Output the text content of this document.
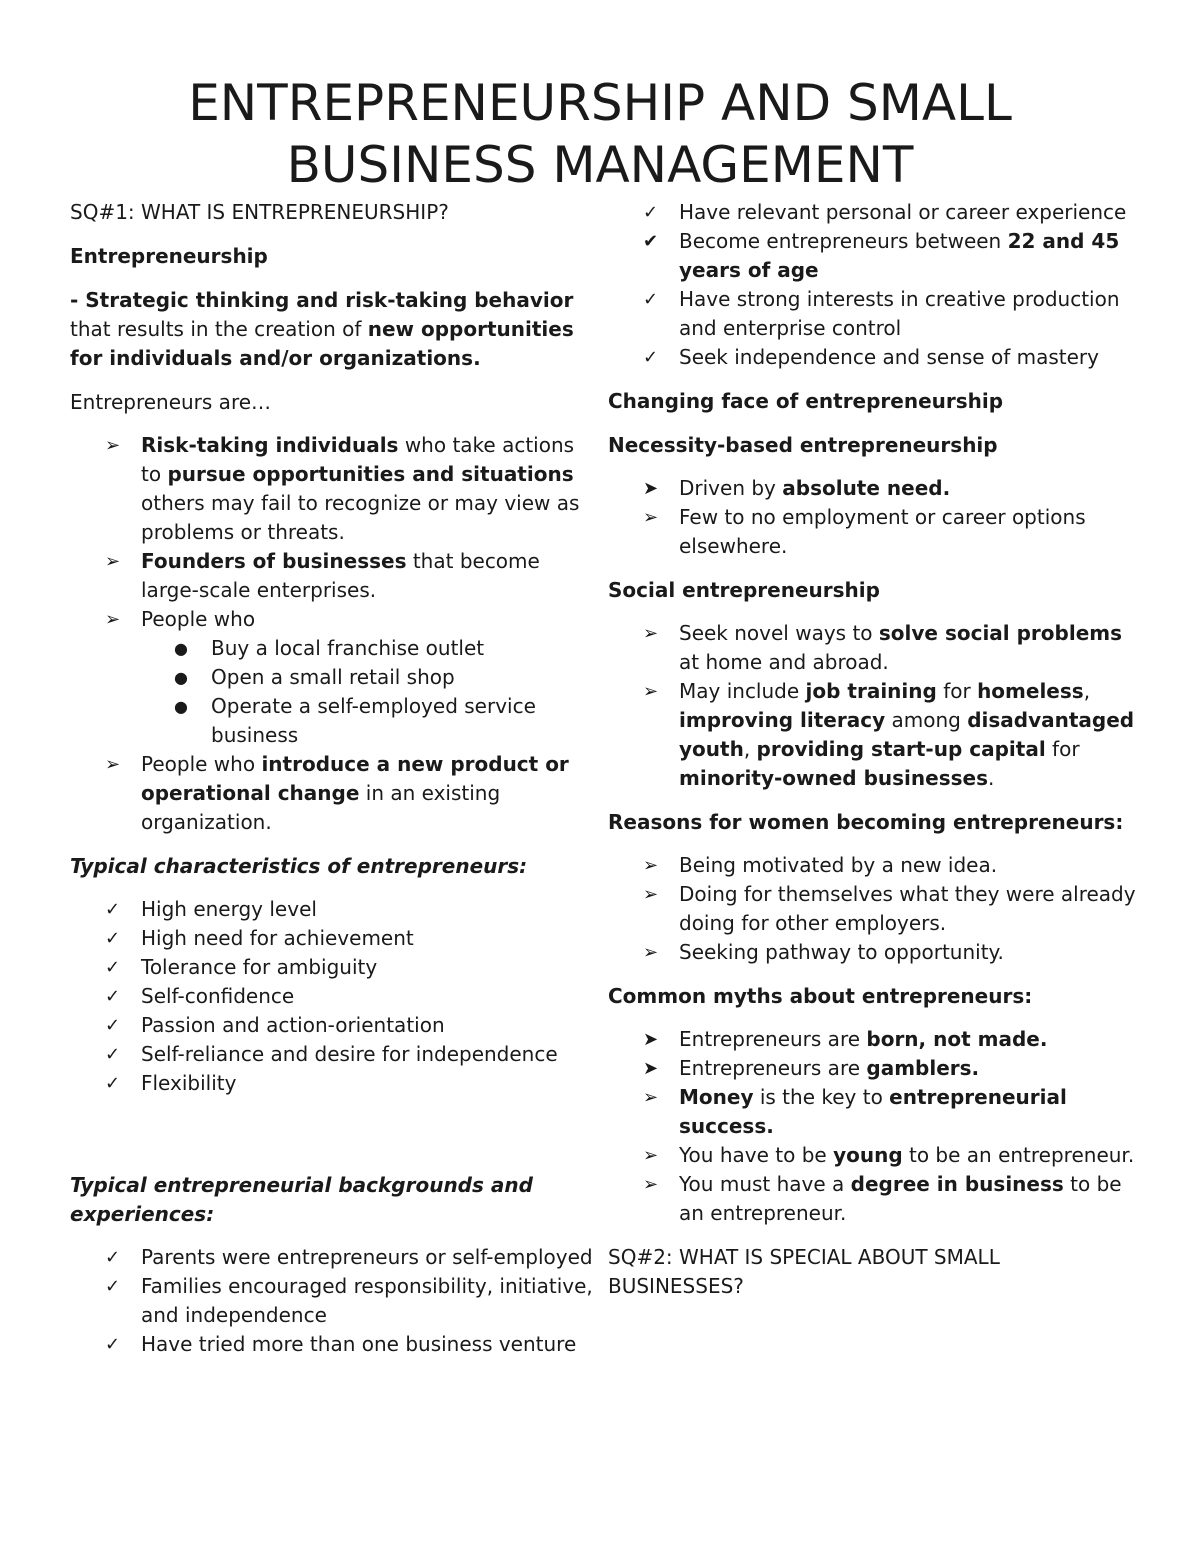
ENTREPRENEURSHIP AND SMALL
BUSINESS MANAGEMENT

SQ#1: WHAT IS ENTREPRENEURSHIP?

Entrepreneurship

- Strategic thinking and risk-taking behavior that results in the creation of new opportunities for individuals and/or organizations.

Entrepreneurs are…

➢	Risk-taking individuals who take actions to pursue opportunities and situations others may fail to recognize or may view as problems or threats.
➢	Founders of businesses that become large-scale enterprises.
➢	People who
●	Buy a local franchise outlet
●	Open a small retail shop
●	Operate a self-employed service business
➢	People who introduce a new product or operational change in an existing organization.

Typical characteristics of entrepreneurs:

✓	High energy level
✓	High need for achievement
✓	Tolerance for ambiguity
✓	Self-confidence
✓	Passion and action-orientation
✓	Self-reliance and desire for independence
✓	Flexibility

Typical entrepreneurial backgrounds and experiences:

✓	Parents were entrepreneurs or self-employed
✓	Families encouraged responsibility, initiative, and independence
✓	Have tried more than one business venture
✓	Have relevant personal or career experience
✔	Become entrepreneurs between 22 and 45 years of age
✓	Have strong interests in creative production and enterprise control
✓	Seek independence and sense of mastery

Changing face of entrepreneurship

Necessity-based entrepreneurship

➤	Driven by absolute need.
➢	Few to no employment or career options elsewhere.

Social entrepreneurship

➢	Seek novel ways to solve social problems at home and abroad.
➢	May include job training for homeless, improving literacy among disadvantaged youth, providing start-up capital for minority-owned businesses.

Reasons for women becoming entrepreneurs:

➢	Being motivated by a new idea.
➢	Doing for themselves what they were already doing for other employers.
➢	Seeking pathway to opportunity.

Common myths about entrepreneurs:

➤	Entrepreneurs are born, not made.
➤	Entrepreneurs are gamblers.
➢	Money is the key to entrepreneurial success.
➢	You have to be young to be an entrepreneur.
➢	You must have a degree in business to be an entrepreneur.

SQ#2: WHAT IS SPECIAL ABOUT SMALL BUSINESSES?
